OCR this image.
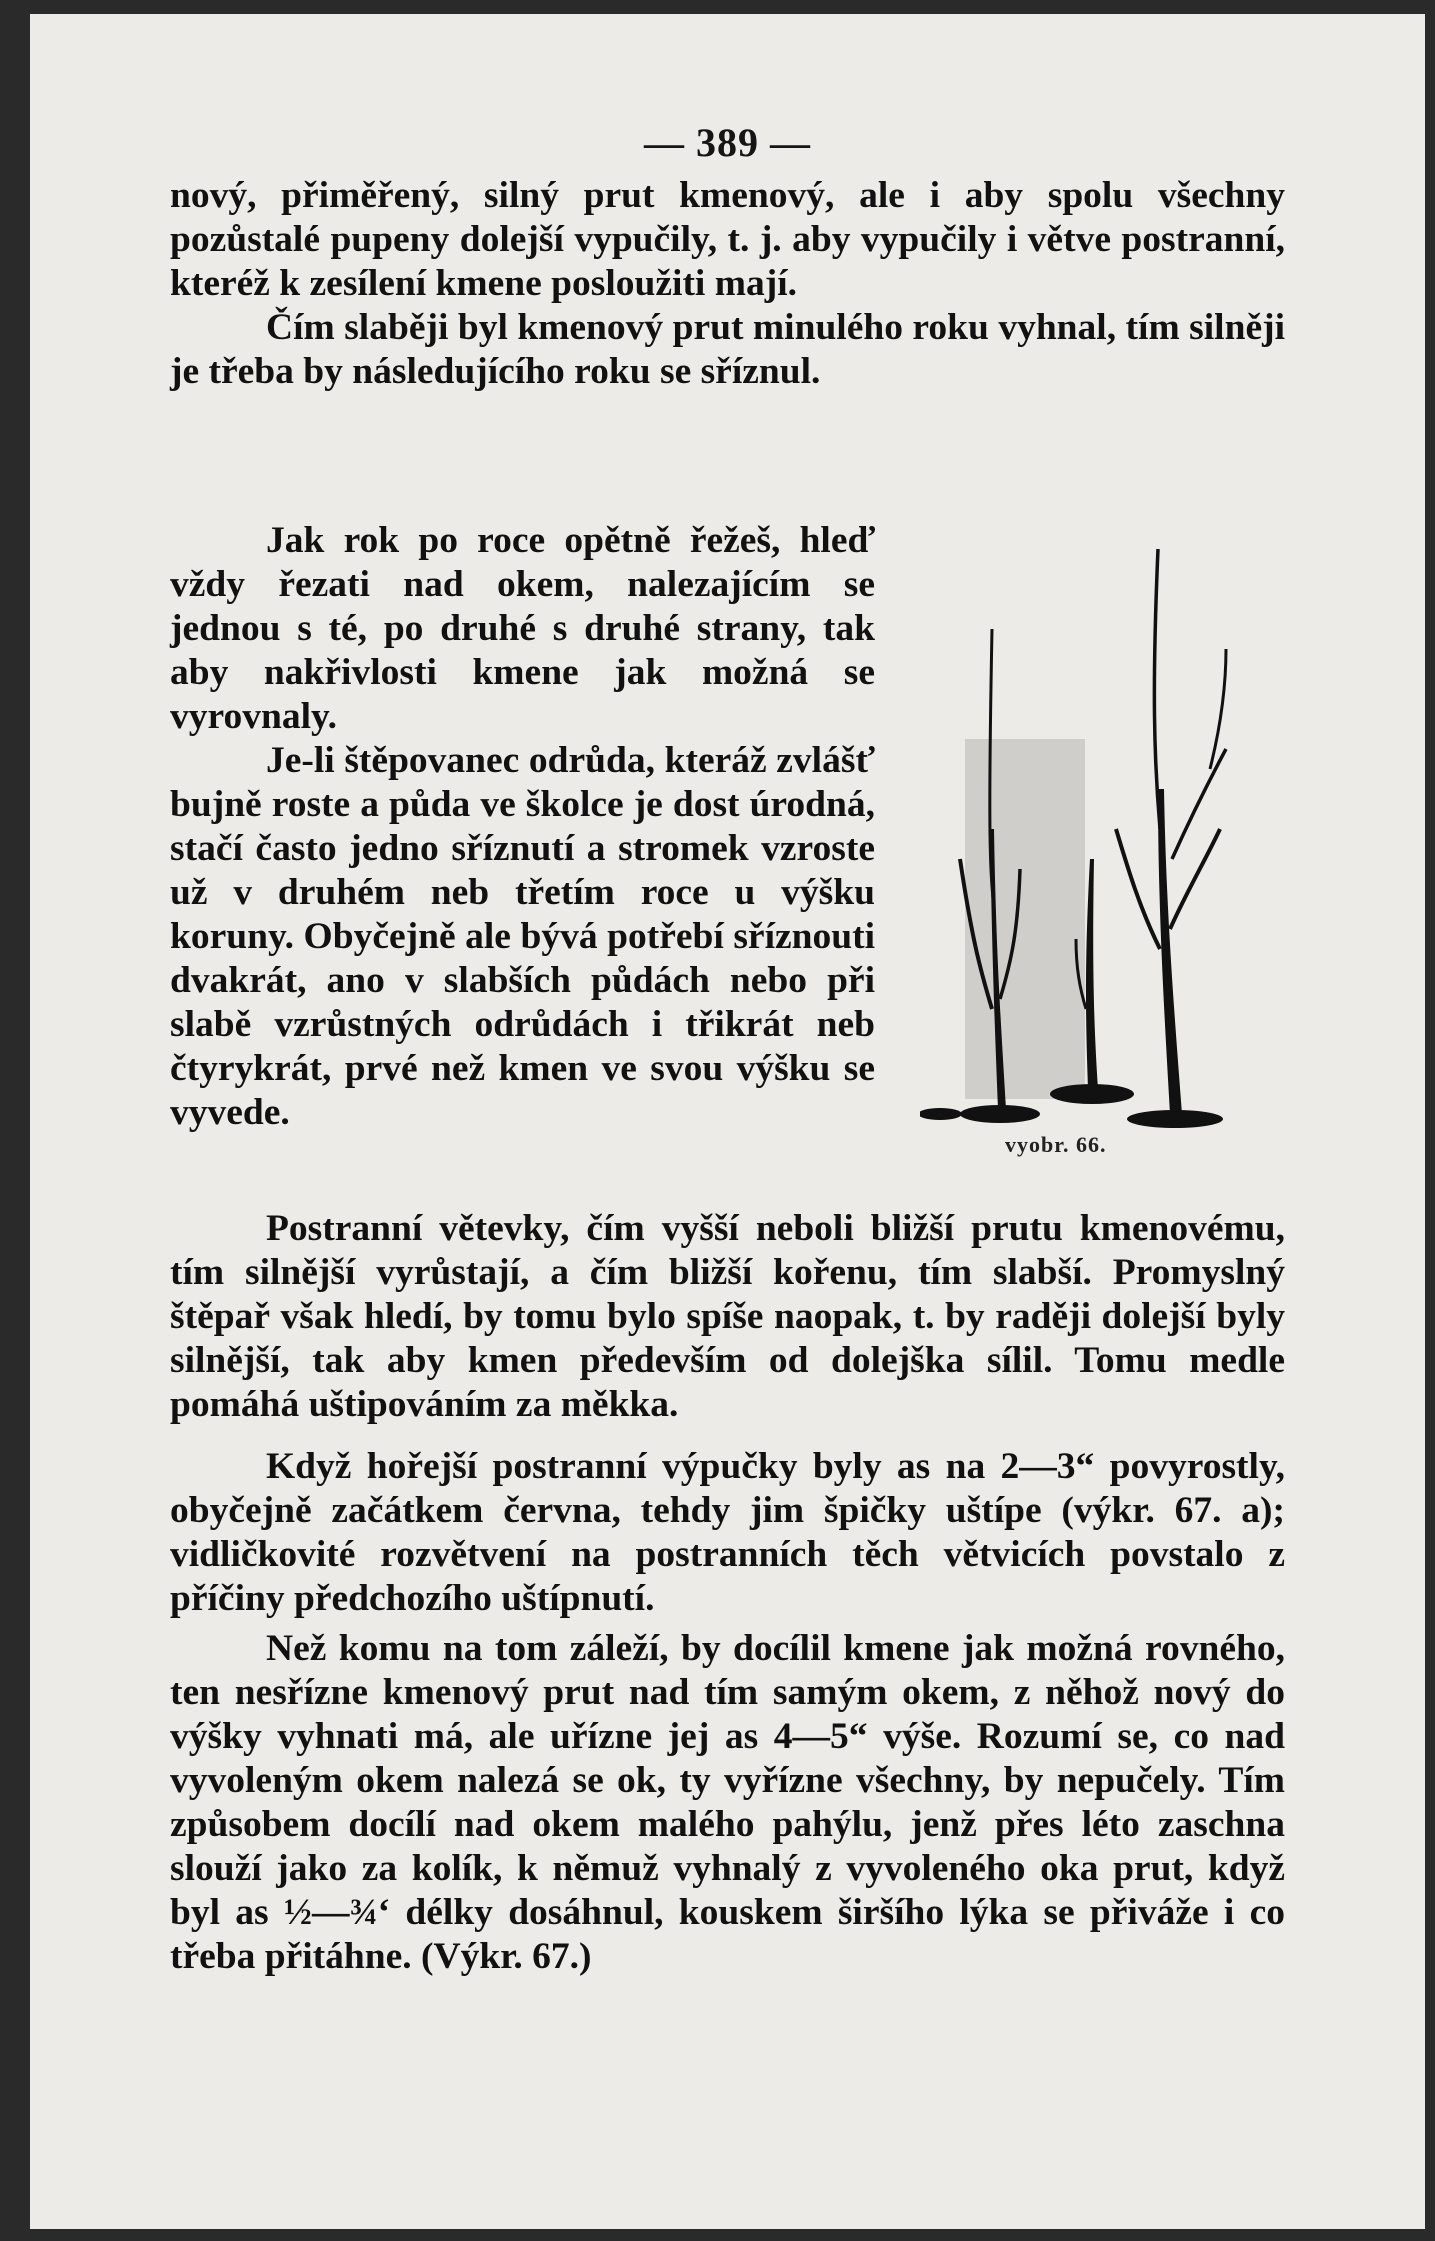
— 389 —

nový, přiměřený, silný prut kmenový, ale i aby spolu všechny pozůstalé pupeny dolejší vypučily, t. j. aby vypučily i větve postranní, kteréž k zesílení kmene posloužiti mají.

Čím slaběji byl kmenový prut minulého roku vyhnal, tím silněji je třeba by následujícího roku se sříznul.

Jak rok po roce opětně řežeš, hleď vždy řezati nad okem, nalezajícím se jednou s té, po druhé s druhé strany, tak aby nakřivlosti kmene jak možná se vyrovnaly.

Je-li štěpovanec odrůda, kteráž zvlášť bujně roste a půda ve školce je dost úrodná, stačí často jedno sříznutí a stromek vzroste už v druhém neb třetím roce u výšku koruny. Obyčejně ale bývá potřebí sříznouti dvakrát, ano v slabších půdách nebo při slabě vzrůstných odrůdách i třikrát neb čtyrykrát, prvé než kmen ve svou výšku se vyvede.

vyobr. 66.

Postranní větevky, čím vyšší neboli bližší prutu kmenovému, tím silnější vyrůstají, a čím bližší kořenu, tím slabší. Promyslný štěpař však hledí, by tomu bylo spíše naopak, t. by raději dolejší byly silnější, tak aby kmen především od dolejška sílil. Tomu medle pomáhá uštipováním za měkka.

Když hořejší postranní výpučky byly as na 2—3“ povyrostly, obyčejně začátkem června, tehdy jim špičky uštípe (výkr. 67. a); vidličkovité rozvětvení na postranních těch větvicích povstalo z příčiny předchozího uštípnutí.

Než komu na tom záleží, by docílil kmene jak možná rovného, ten nesřízne kmenový prut nad tím samým okem, z něhož nový do výšky vyhnati má, ale uřízne jej as 4—5“ výše. Rozumí se, co nad vyvoleným okem nalezá se ok, ty vyřízne všechny, by nepučely. Tím způsobem docílí nad okem malého pahýlu, jenž přes léto zaschna slouží jako za kolík, k němuž vyhnalý z vyvoleného oka prut, když byl as ½—¾‘ délky dosáhnul, kouskem širšího lýka se přiváže i co třeba přitáhne. (Výkr. 67.)
